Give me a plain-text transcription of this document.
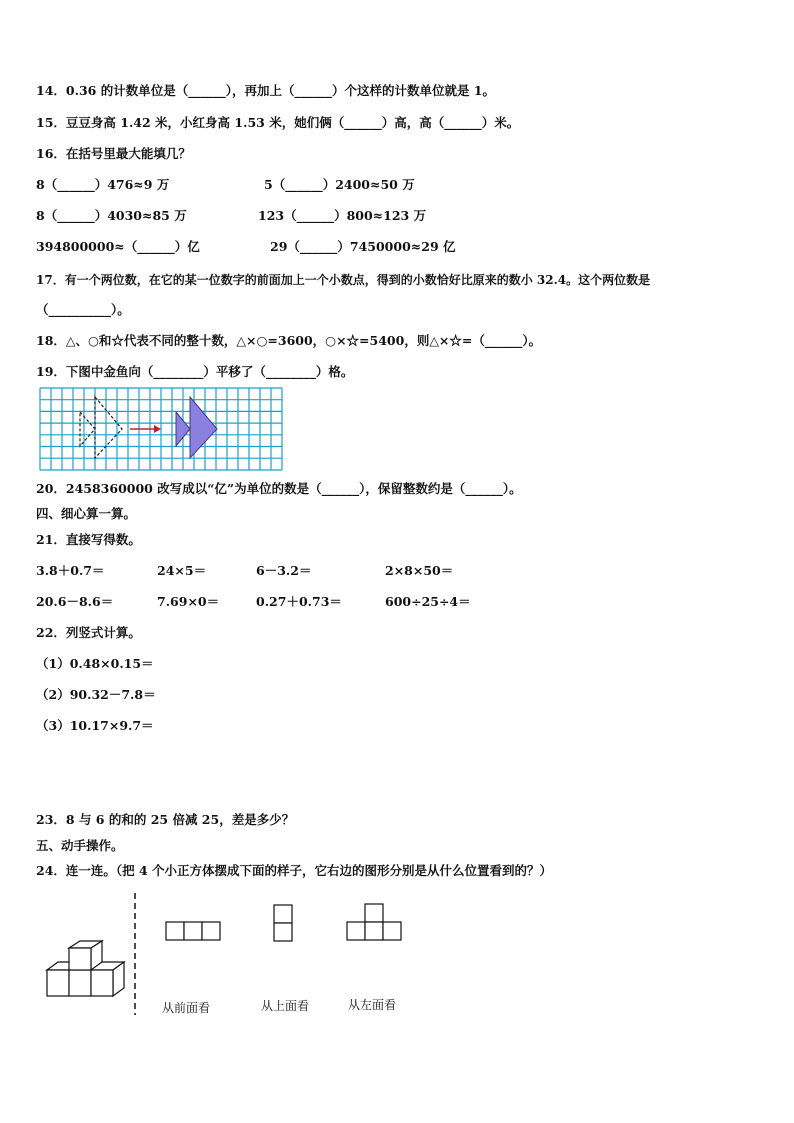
14．0.36 的计数单位是（______），再加上（______）个这样的计数单位就是 1。
15．豆豆身高 1.42 米，小红身高 1.53 米，她们俩（______）高，高（______）米。
16．在括号里最大能填几？
8（______）476≈9 万	5（______）2400≈50 万
8（______）4030≈85 万	123（______）800≈123 万
394800000≈（______）亿	29（______）7450000≈29 亿
17．有一个两位数，在它的某一位数字的前面加上一个小数点，得到的小数恰好比原来的数小 32.4。这个两位数是
（__________）。
18．△、○和☆代表不同的整十数，△×○=3600，○×☆=5400，则△×☆=（______）。
19．下图中金鱼向（________）平移了（________）格。
20．2458360000 改写成以“亿”为单位的数是（______），保留整数约是（______）。
四、细心算一算。
21．直接写得数。
3.8＋0.7＝	24×5＝	6－3.2＝	2×8×50＝
20.6－8.6＝	7.69×0＝	0.27＋0.73＝	600÷25÷4＝
22．列竖式计算。
（1）0.48×0.15＝
（2）90.32－7.8＝
（3）10.17×9.7＝
23．8 与 6 的和的 25 倍减 25，差是多少？
五、动手操作。
24．连一连。（把 4 个小正方体摆成下面的样子，它右边的图形分别是从什么位置看到的？）
从前面看	从上面看	从左面看
